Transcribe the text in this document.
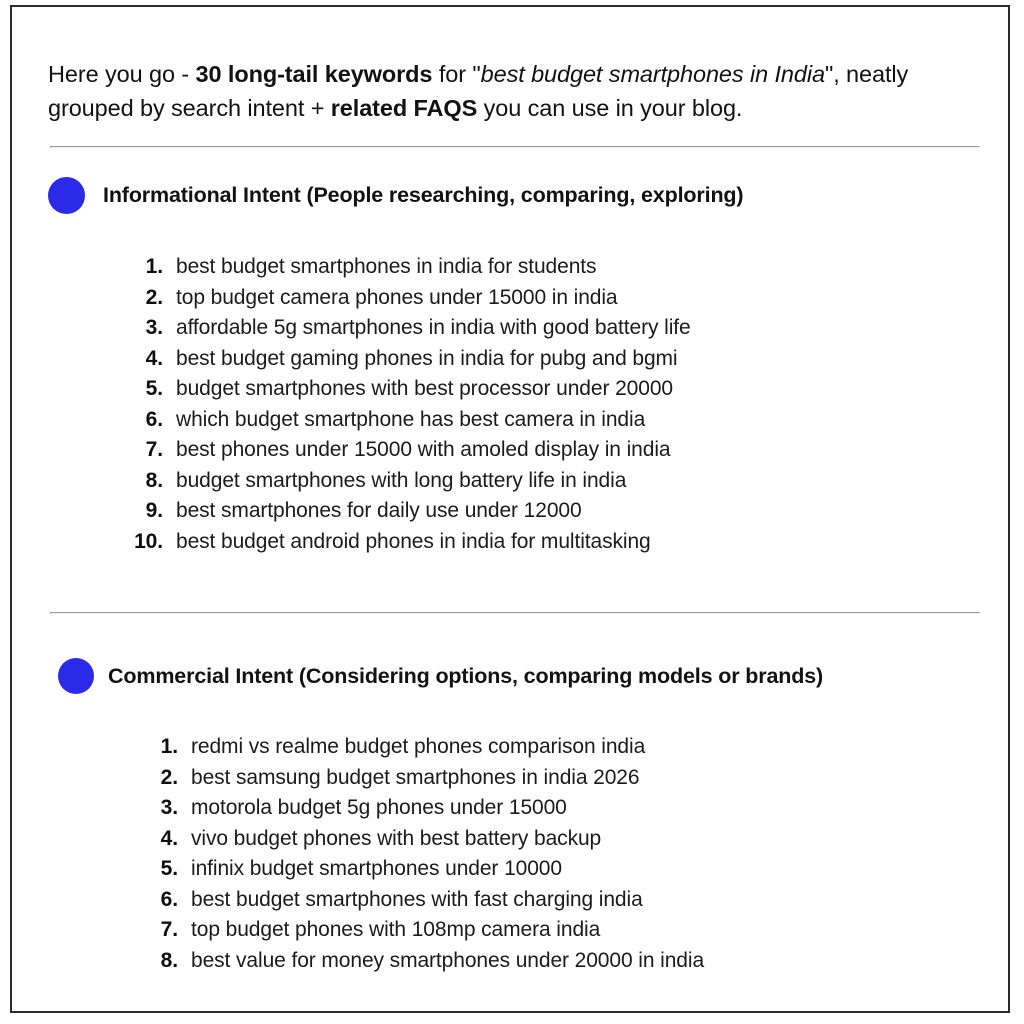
Here you go - 30 long-tail keywords for "best budget smartphones in India", neatly grouped by search intent + related FAQS you can use in your blog.

Informational Intent (People researching, comparing, exploring)
1. best budget smartphones in india for students
2. top budget camera phones under 15000 in india
3. affordable 5g smartphones in india with good battery life
4. best budget gaming phones in india for pubg and bgmi
5. budget smartphones with best processor under 20000
6. which budget smartphone has best camera in india
7. best phones under 15000 with amoled display in india
8. budget smartphones with long battery life in india
9. best smartphones for daily use under 12000
10. best budget android phones in india for multitasking
Commercial Intent (Considering options, comparing models or brands)
1. redmi vs realme budget phones comparison india
2. best samsung budget smartphones in india 2026
3. motorola budget 5g phones under 15000
4. vivo budget phones with best battery backup
5. infinix budget smartphones under 10000
6. best budget smartphones with fast charging india
7. top budget phones with 108mp camera india
8. best value for money smartphones under 20000 in india
